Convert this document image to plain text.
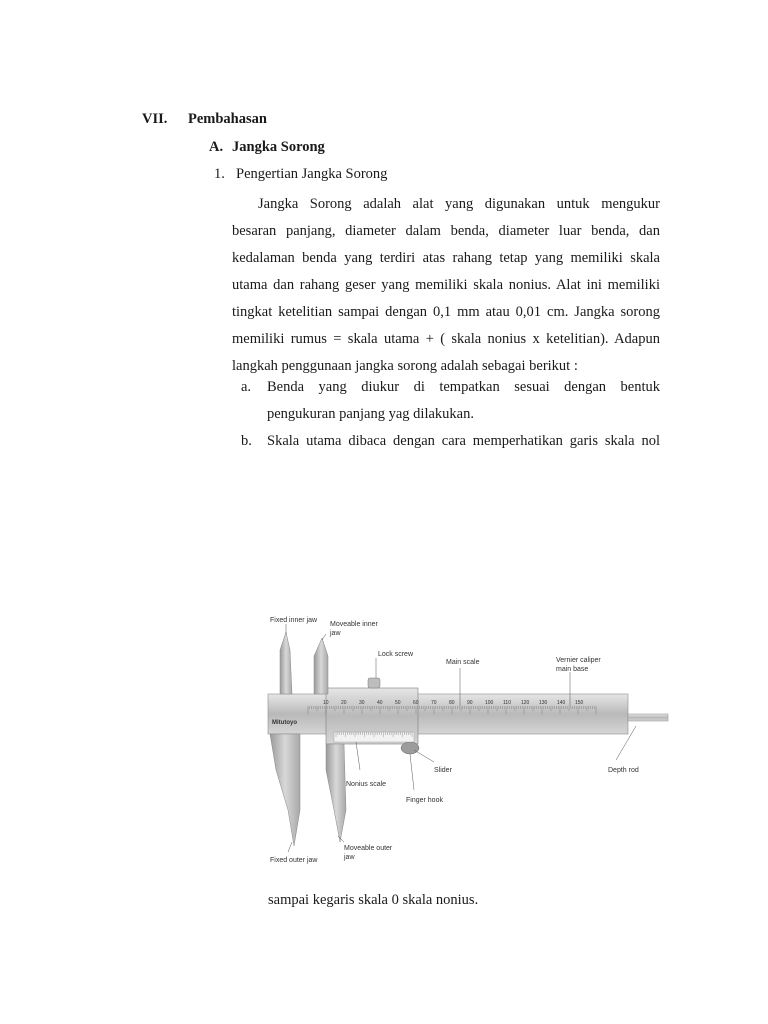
VII. Pembahasan
A. Jangka Sorong
1. Pengertian Jangka Sorong
Jangka Sorong adalah alat yang digunakan untuk mengukur
besaran panjang, diameter dalam benda, diameter luar benda, dan
kedalaman benda yang terdiri atas rahang tetap yang memiliki skala
utama dan rahang geser yang memiliki skala nonius. Alat ini memiliki
tingkat ketelitian sampai dengan 0,1 mm atau 0,01 cm. Jangka sorong
memiliki rumus = skala utama + ( skala nonius x ketelitian). Adapun
langkah penggunaan jangka sorong adalah sebagai berikut :
a. Benda yang diukur di tempatkan sesuai dengan bentuk
pengukuran panjang yag dilakukan.
b. Skala utama dibaca dengan cara memperhatikan garis skala nol
10 20 30 40 50 60 70 80 90 100 110 120 130 140 150
Mitutoyo
Fixed inner jaw
Moveable inner
jaw
Lock screw
Main scale	Vernier caliper
main base
Depth rod
Slider
Nonius scale
Finger hook
Fixed outer jaw
Moveable outer
jaw
sampai kegaris skala 0 skala nonius.
